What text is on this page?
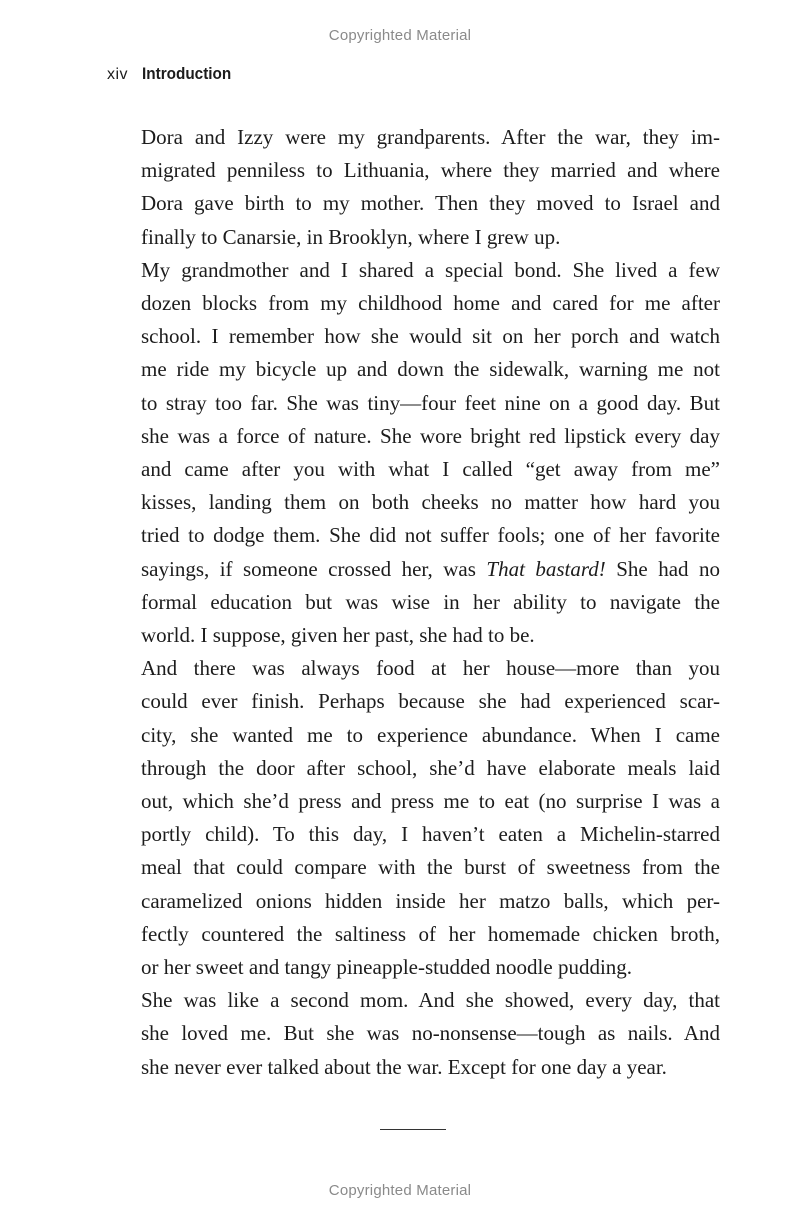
Copyrighted Material
xiv Introduction

Dora and Izzy were my grandparents. After the war, they im-
migrated penniless to Lithuania, where they married and where
Dora gave birth to my mother. Then they moved to Israel and
finally to Canarsie, in Brooklyn, where I grew up.

My grandmother and I shared a special bond. She lived a few
dozen blocks from my childhood home and cared for me after
school. I remember how she would sit on her porch and watch
me ride my bicycle up and down the sidewalk, warning me not
to stray too far. She was tiny—four feet nine on a good day. But
she was a force of nature. She wore bright red lipstick every day
and came after you with what I called “get away from me”
kisses, landing them on both cheeks no matter how hard you
tried to dodge them. She did not suffer fools; one of her favorite
sayings, if someone crossed her, was That bastard! She had no
formal education but was wise in her ability to navigate the
world. I suppose, given her past, she had to be.

And there was always food at her house—more than you
could ever finish. Perhaps because she had experienced scar-
city, she wanted me to experience abundance. When I came
through the door after school, she’d have elaborate meals laid
out, which she’d press and press me to eat (no surprise I was a
portly child). To this day, I haven’t eaten a Michelin-starred
meal that could compare with the burst of sweetness from the
caramelized onions hidden inside her matzo balls, which per-
fectly countered the saltiness of her homemade chicken broth,
or her sweet and tangy pineapple-studded noodle pudding.

She was like a second mom. And she showed, every day, that
she loved me. But she was no-nonsense—tough as nails. And
she never ever talked about the war. Except for one day a year.

Copyrighted Material
